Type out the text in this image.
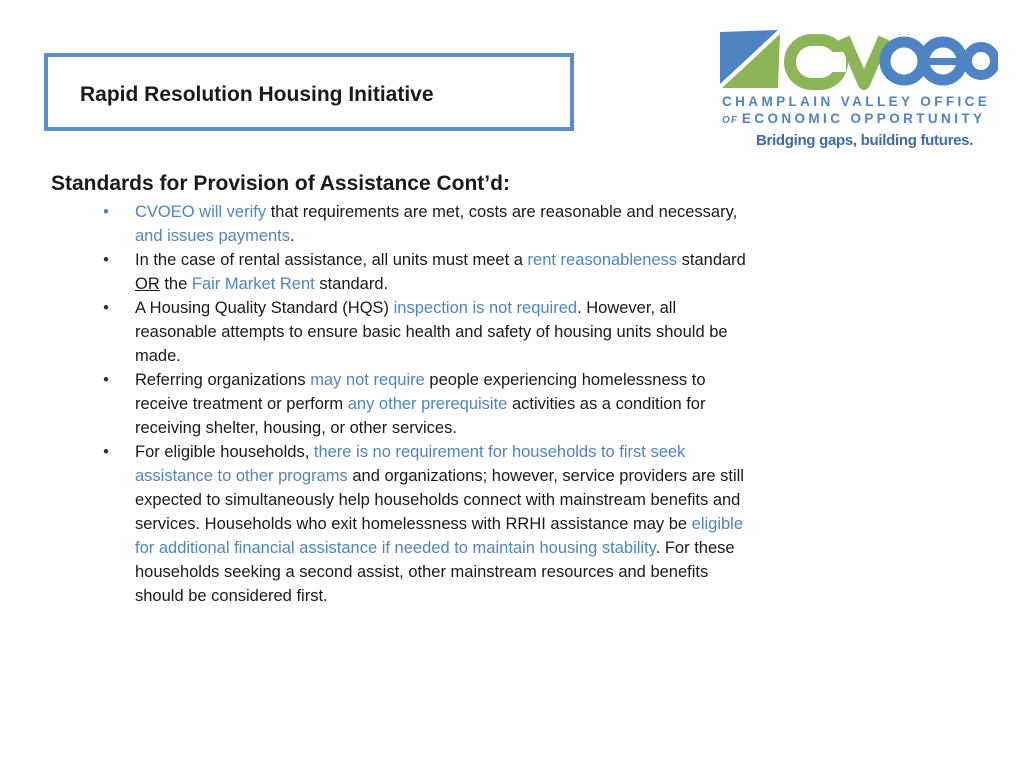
Rapid Resolution Housing Initiative	CHAMPLAIN VALLEY OFFICE
OF ECONOMIC OPPORTUNITY
Bridging gaps, building futures.
Standards for Provision of Assistance Cont’d:
• CVOEO will verify that requirements are met, costs are reasonable and necessary, and issues payments.
• In the case of rental assistance, all units must meet a rent reasonableness standard OR the Fair Market Rent standard.
• A Housing Quality Standard (HQS) inspection is not required. However, all reasonable attempts to ensure basic health and safety of housing units should be made.
• Referring organizations may not require people experiencing homelessness to receive treatment or perform any other prerequisite activities as a condition for receiving shelter, housing, or other services.
• For eligible households, there is no requirement for households to first seek assistance to other programs and organizations; however, service providers are still expected to simultaneously help households connect with mainstream benefits and services. Households who exit homelessness with RRHI assistance may be eligible for additional financial assistance if needed to maintain housing stability. For these households seeking a second assist, other mainstream resources and benefits should be considered first.
